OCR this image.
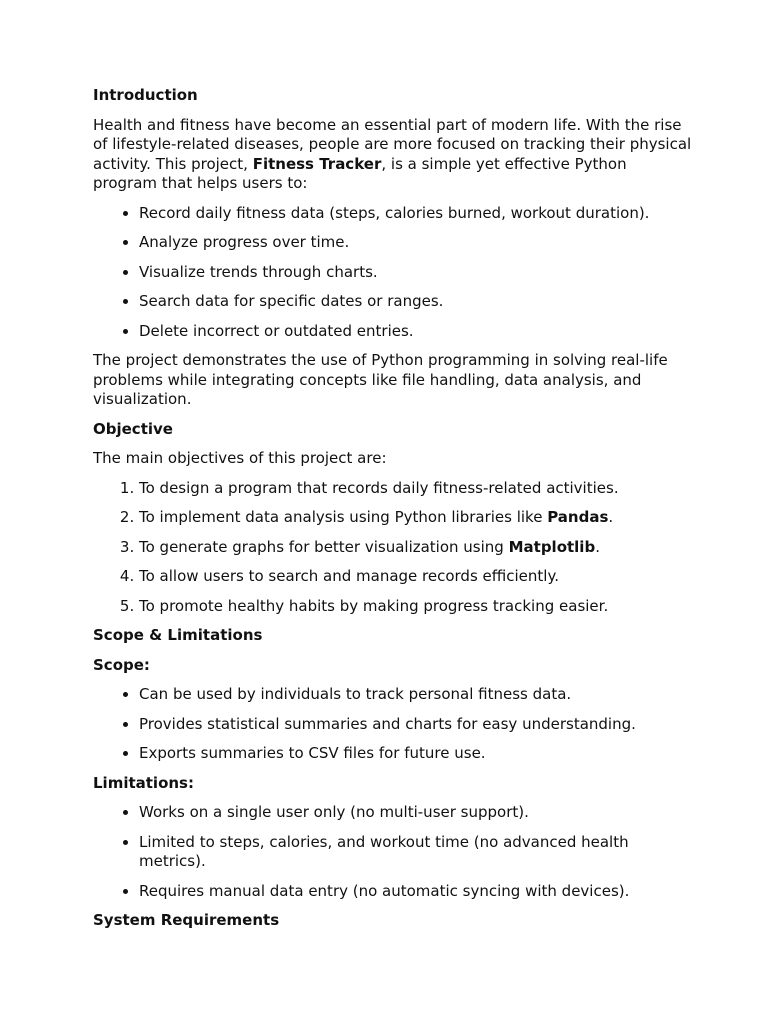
Introduction

Health and fitness have become an essential part of modern life. With the rise of lifestyle-related diseases, people are more focused on tracking their physical activity. This project, Fitness Tracker, is a simple yet effective Python program that helps users to:

• Record daily fitness data (steps, calories burned, workout duration).
• Analyze progress over time.
• Visualize trends through charts.
• Search data for specific dates or ranges.
• Delete incorrect or outdated entries.

The project demonstrates the use of Python programming in solving real-life problems while integrating concepts like file handling, data analysis, and visualization.

Objective

The main objectives of this project are:

1. To design a program that records daily fitness-related activities.
2. To implement data analysis using Python libraries like Pandas.
3. To generate graphs for better visualization using Matplotlib.
4. To allow users to search and manage records efficiently.
5. To promote healthy habits by making progress tracking easier.
Scope & Limitations
Scope:
• Can be used by individuals to track personal fitness data.
• Provides statistical summaries and charts for easy understanding.
• Exports summaries to CSV files for future use.
Limitations:
• Works on a single user only (no multi-user support).
• Limited to steps, calories, and workout time (no advanced health metrics).
• Requires manual data entry (no automatic syncing with devices).
System Requirements
